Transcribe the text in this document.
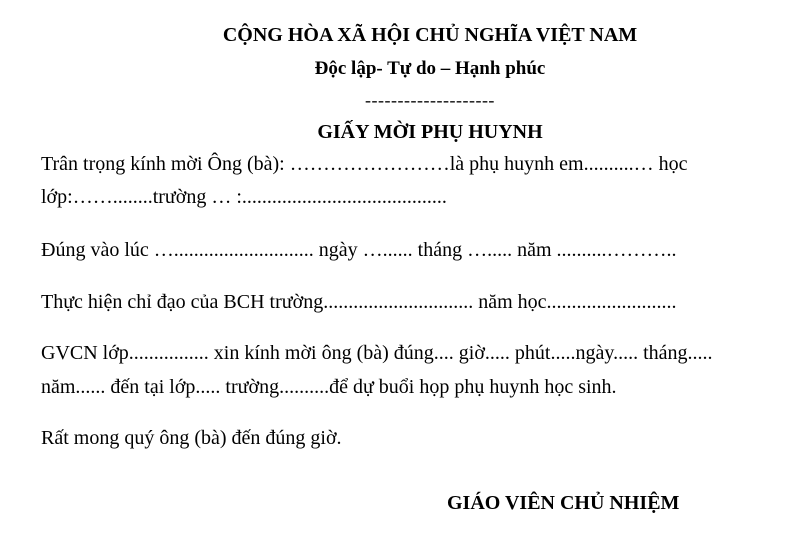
CỘNG HÒA XÃ HỘI CHỦ NGHĨA VIỆT NAM
Độc lập- Tự do – Hạnh phúc
--------------------
GIẤY MỜI PHỤ HUYNH
Trân trọng kính mời Ông (bà): ……………………là phụ huynh em..........… học
lớp:……........trường … :.........................................
Đúng vào lúc …............................ ngày …...... tháng …..... năm ..........………..
Thực hiện chỉ đạo của BCH trường.............................. năm học..........................
GVCN lớp................ xin kính mời ông (bà) đúng.... giờ..... phút.....ngày..... tháng.....
năm...... đến tại lớp..... trường..........để dự buổi họp phụ huynh học sinh.
Rất mong quý ông (bà) đến đúng giờ.
GIÁO VIÊN CHỦ NHIỆM
